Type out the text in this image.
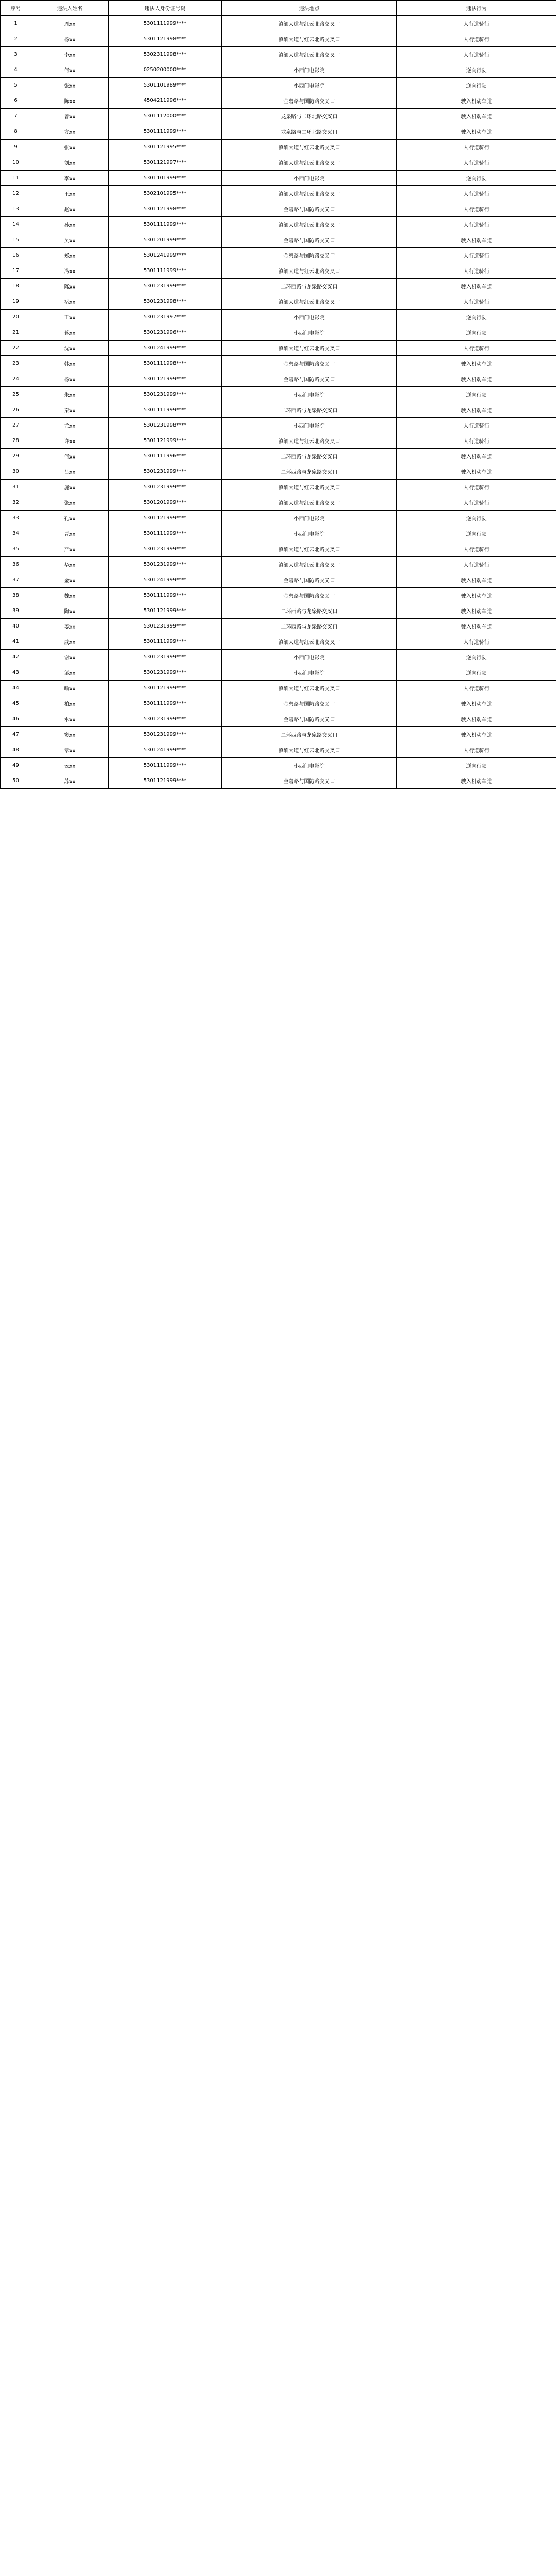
序号	违法人姓名	违法人身份证号码	违法地点	违法行为
1	周xx	5301111999****	滇缅大道与红云北路交叉口	人行道骑行
2	杨xx	5301121998****	滇缅大道与红云北路交叉口	人行道骑行
3	李xx	5302311998****	滇缅大道与红云北路交叉口	人行道骑行
4	何xx	0250200000****	小西门电影院	逆向行驶
5	张xx	5301101989****	小西门电影院	逆向行驶
6	陈xx	4504211996****	金碧路与国防路交叉口	驶入机动车道
7	曾xx	5301112000****	龙泉路与二环北路交叉口	驶入机动车道
8	方xx	5301111999****	龙泉路与二环北路交叉口	驶入机动车道
9	张xx	5301121995****	滇缅大道与红云北路交叉口	人行道骑行
10	刘xx	5301121997****	滇缅大道与红云北路交叉口	人行道骑行
11	李xx	5301101999****	小西门电影院	逆向行驶
12	王xx	5302101995****	滇缅大道与红云北路交叉口	人行道骑行
13	赵xx	5301121998****	金碧路与国防路交叉口	人行道骑行
14	孙xx	5301111999****	滇缅大道与红云北路交叉口	人行道骑行
15	吴xx	5301201999****	金碧路与国防路交叉口	驶入机动车道
16	郑xx	5301241999****	金碧路与国防路交叉口	人行道骑行
17	冯xx	5301111999****	滇缅大道与红云北路交叉口	人行道骑行
18	陈xx	5301231999****	二环西路与龙泉路交叉口	驶入机动车道
19	褚xx	5301231998****	滇缅大道与红云北路交叉口	人行道骑行
20	卫xx	5301231997****	小西门电影院	逆向行驶
21	蒋xx	5301231996****	小西门电影院	逆向行驶
22	沈xx	5301241999****	滇缅大道与红云北路交叉口	人行道骑行
23	韩xx	5301111998****	金碧路与国防路交叉口	驶入机动车道
24	杨xx	5301121999****	金碧路与国防路交叉口	驶入机动车道
25	朱xx	5301231999****	小西门电影院	逆向行驶
26	秦xx	5301111999****	二环西路与龙泉路交叉口	驶入机动车道
27	尤xx	5301231998****	小西门电影院	人行道骑行
28	许xx	5301121999****	滇缅大道与红云北路交叉口	人行道骑行
29	何xx	5301111996****	二环西路与龙泉路交叉口	驶入机动车道
30	吕xx	5301231999****	二环西路与龙泉路交叉口	驶入机动车道
31	施xx	5301231999****	滇缅大道与红云北路交叉口	人行道骑行
32	张xx	5301201999****	滇缅大道与红云北路交叉口	人行道骑行
33	孔xx	5301121999****	小西门电影院	逆向行驶
34	曹xx	5301111999****	小西门电影院	逆向行驶
35	严xx	5301231999****	滇缅大道与红云北路交叉口	人行道骑行
36	华xx	5301231999****	滇缅大道与红云北路交叉口	人行道骑行
37	金xx	5301241999****	金碧路与国防路交叉口	驶入机动车道
38	魏xx	5301111999****	金碧路与国防路交叉口	驶入机动车道
39	陶xx	5301121999****	二环西路与龙泉路交叉口	驶入机动车道
40	姜xx	5301231999****	二环西路与龙泉路交叉口	驶入机动车道
41	戚xx	5301111999****	滇缅大道与红云北路交叉口	人行道骑行
42	谢xx	5301231999****	小西门电影院	逆向行驶
43	邹xx	5301231999****	小西门电影院	逆向行驶
44	喻xx	5301121999****	滇缅大道与红云北路交叉口	人行道骑行
45	柏xx	5301111999****	金碧路与国防路交叉口	驶入机动车道
46	水xx	5301231999****	金碧路与国防路交叉口	驶入机动车道
47	窦xx	5301231999****	二环西路与龙泉路交叉口	驶入机动车道
48	章xx	5301241999****	滇缅大道与红云北路交叉口	人行道骑行
49	云xx	5301111999****	小西门电影院	逆向行驶
50	苏xx	5301121999****	金碧路与国防路交叉口	驶入机动车道
